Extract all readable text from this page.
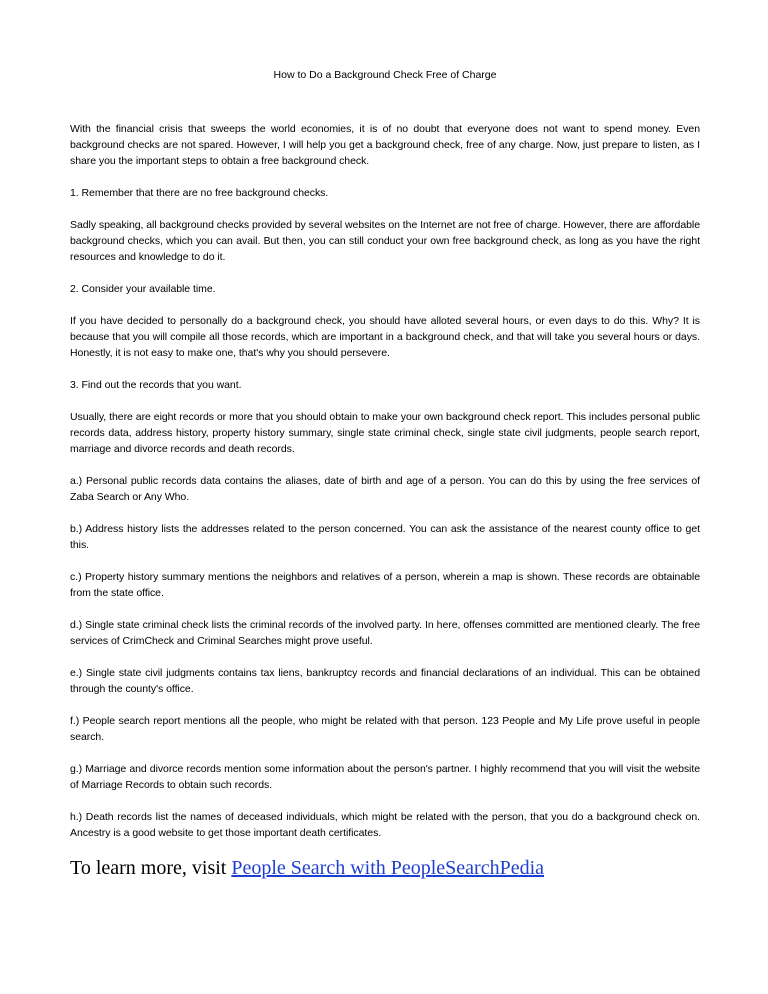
How to Do a Background Check Free of Charge

With the financial crisis that sweeps the world economies, it is of no doubt that everyone does not want to spend money. Even background checks are not spared. However, I will help you get a background check, free of any charge. Now, just prepare to listen, as I share you the important steps to obtain a free background check.

1. Remember that there are no free background checks.

Sadly speaking, all background checks provided by several websites on the Internet are not free of charge. However, there are affordable background checks, which you can avail. But then, you can still conduct your own free background check, as long as you have the right resources and knowledge to do it.

2. Consider your available time.

If you have decided to personally do a background check, you should have alloted several hours, or even days to do this. Why? It is because that you will compile all those records, which are important in a background check, and that will take you several hours or days. Honestly, it is not easy to make one, that's why you should persevere.

3. Find out the records that you want.

Usually, there are eight records or more that you should obtain to make your own background check report. This includes personal public records data, address history, property history summary, single state criminal check, single state civil judgments, people search report, marriage and divorce records and death records.

a.) Personal public records data contains the aliases, date of birth and age of a person. You can do this by using the free services of Zaba Search or Any Who.

b.) Address history lists the addresses related to the person concerned. You can ask the assistance of the nearest county office to get this.

c.) Property history summary mentions the neighbors and relatives of a person, wherein a map is shown. These records are obtainable from the state office.

d.) Single state criminal check lists the criminal records of the involved party. In here, offenses committed are mentioned clearly. The free services of CrimCheck and Criminal Searches might prove useful.

e.) Single state civil judgments contains tax liens, bankruptcy records and financial declarations of an individual. This can be obtained through the county's office.

f.) People search report mentions all the people, who might be related with that person. 123 People and My Life prove useful in people search.

g.) Marriage and divorce records mention some information about the person's partner. I highly recommend that you will visit the website of Marriage Records to obtain such records.

h.) Death records list the names of deceased individuals, which might be related with the person, that you do a background check on. Ancestry is a good website to get those important death certificates.

To learn more, visit People Search with PeopleSearchPedia
